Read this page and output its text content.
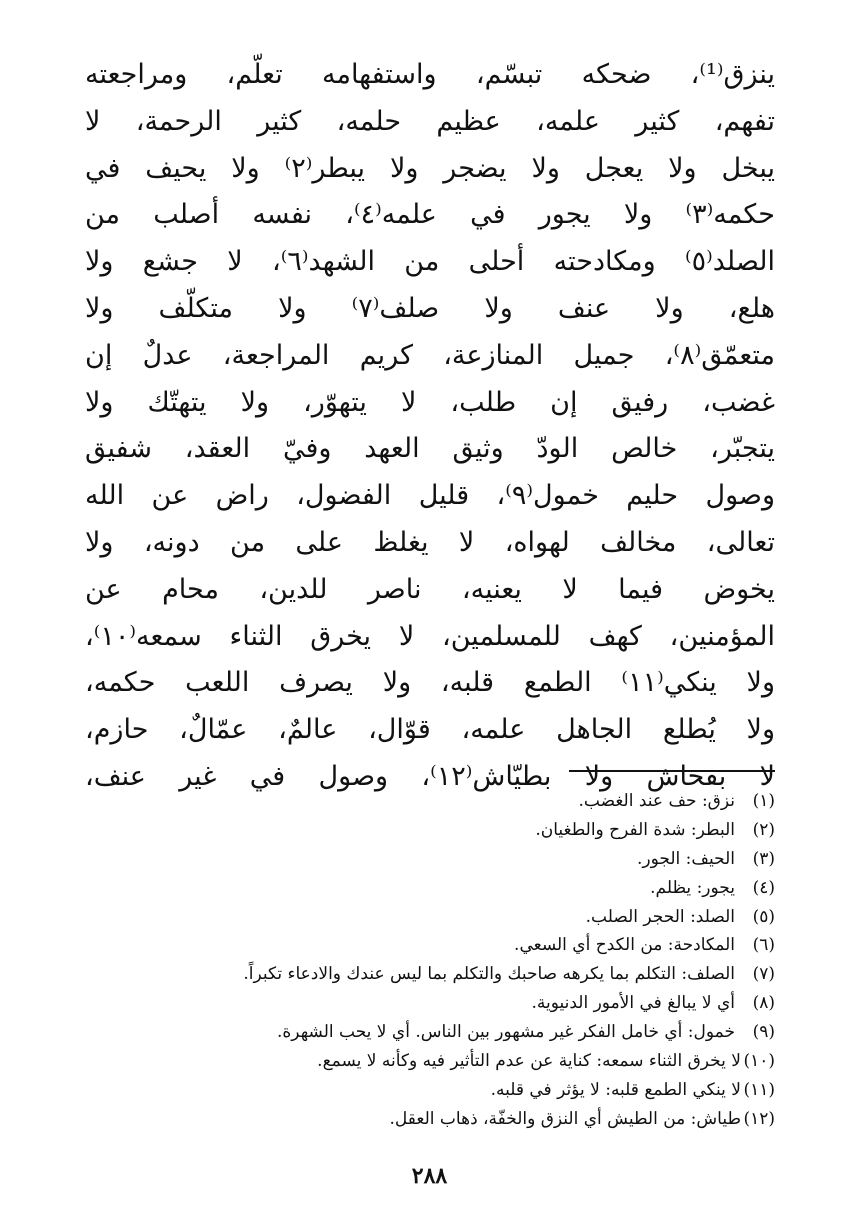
ينزق⁽¹⁾، ضحكه تبسّم، واستفهامه تعلّم، ومراجعته
تفهم، كثير علمه، عظيم حلمه، كثير الرحمة، لا
يبخل ولا يعجل ولا يضجر ولا يبطر⁽٢⁾ ولا يحيف في
حكمه⁽٣⁾ ولا يجور في علمه⁽٤⁾، نفسه أصلب من
الصلد⁽٥⁾ ومكادحته أحلى من الشهد⁽٦⁾، لا جشع ولا
هلع، ولا عنف ولا صلف⁽٧⁾ ولا متكلّف ولا
متعمّق⁽٨⁾، جميل المنازعة، كريم المراجعة، عدلٌ إن
غضب، رفيق إن طلب، لا يتهوّر، ولا يتهتّك ولا
يتجبّر، خالص الودّ وثيق العهد وفيّ العقد، شفيق
وصول حليم خمول⁽٩⁾، قليل الفضول، راض عن الله
تعالى، مخالف لهواه، لا يغلظ على من دونه، ولا
يخوض فيما لا يعنيه، ناصر للدين، محام عن
المؤمنين، كهف للمسلمين، لا يخرق الثناء سمعه⁽١٠⁾،
ولا ينكي⁽١١⁾ الطمع قلبه، ولا يصرف اللعب حكمه،
ولا يُطلع الجاهل علمه، قوّال، عالمٌ، عمّالٌ، حازم،
لا بفحاش ولا بطيّاش⁽١٢⁾، وصول في غير عنف،
(١)
نزق: حف عند الغضب.
(٢)
البطر: شدة الفرح والطغيان.
(٣)
الحيف: الجور.
(٤)
يجور: يظلم.
(٥)
الصلد: الحجر الصلب.
(٦)
المكادحة: من الكدح أي السعي.
(٧)
الصلف: التكلم بما يكرهه صاحبك والتكلم بما ليس عندك والادعاء تكبراً.
(٨)
أي لا يبالغ في الأمور الدنيوية.
(٩)
خمول: أي خامل الفكر غير مشهور بين الناس. أي لا يحب الشهرة.
(١٠)
لا يخرق الثناء سمعه: كناية عن عدم التأثير فيه وكأنه لا يسمع.
(١١)
لا ينكي الطمع قلبه: لا يؤثر في قلبه.
(١٢)
طياش: من الطيش أي النزق والخفّة، ذهاب العقل.
٢٨٨
